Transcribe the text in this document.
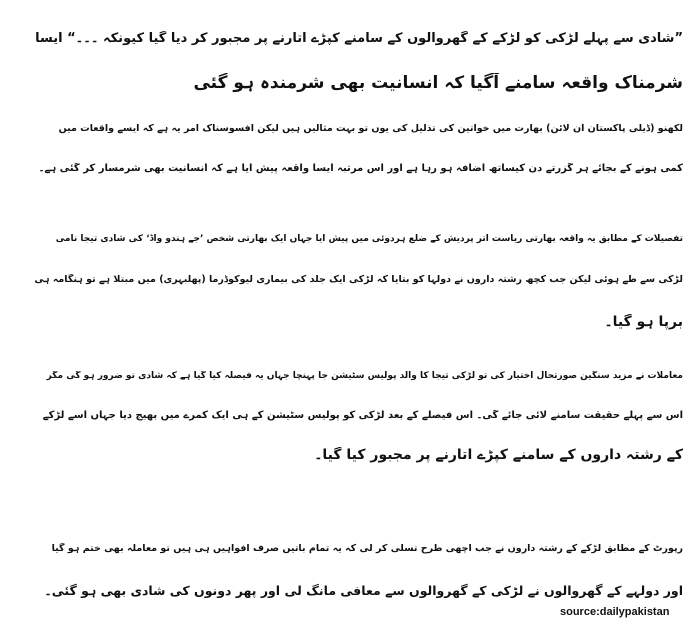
”شادی سے پہلے لڑکی کو لڑکے کے گھروالوں کے سامنے کپڑے اتارنے پر مجبور کر دیا گیا کیونکہ ۔۔۔“ ایسا
شرمناک واقعہ سامنے آگیا کہ انسانیت بھی شرمندہ ہو گئی
لکھنو (ڈیلی پاکستان آن لائن) بھارت میں خواتین کی تذلیل کی یوں تو بہت مثالیں ہیں لیکن افسوسناک امر یہ ہے کہ ایسے واقعات میں
کمی ہونے کے بجائے ہر گزرتے دن کیساتھ اضافہ ہو رہا ہے اور اس مرتبہ ایسا واقعہ پیش آیا ہے کہ انسانیت بھی شرمسار کر گئی ہے۔
تفصیلات کے مطابق یہ واقعہ بھارتی ریاست اتر پردیش کے ضلع ہردوئی میں پیش آیا جہاں ایک بھارتی شخص ’جے ہندو واڈ‘ کی شادی تیجا نامی
لڑکی سے طے ہوئی لیکن جب کچھ رشتہ داروں نے دولہا کو بتایا کہ لڑکی ایک جلد کی بیماری لیوکوڈرما (پھلبہری) میں مبتلا ہے تو ہنگامہ ہی
برپا ہو گیا۔
معاملات نے مزید سنگین صورتحال اختیار کی تو لڑکی تیجا کا والد پولیس سٹیشن جا پہنچا جہاں یہ فیصلہ کیا گیا ہے کہ شادی تو ضرور ہو گی مگر
اس سے پہلے حقیقت سامنے لائی جائے گی۔ اس فیصلے کے بعد لڑکی کو پولیس سٹیشن کے ہی ایک کمرے میں بھیج دیا جہاں اسے لڑکے
کے رشتہ داروں کے سامنے کپڑے اتارنے پر مجبور کیا گیا۔
رپورٹ کے مطابق لڑکے کے رشتہ داروں نے جب اچھی طرح تسلی کر لی کہ یہ تمام باتیں صرف افواہیں ہی ہیں تو معاملہ بھی ختم ہو گیا
اور دولہے کے گھروالوں نے لڑکی کے گھروالوں سے معافی مانگ لی اور پھر دونوں کی شادی بھی ہو گئی۔
source:dailypakistan
